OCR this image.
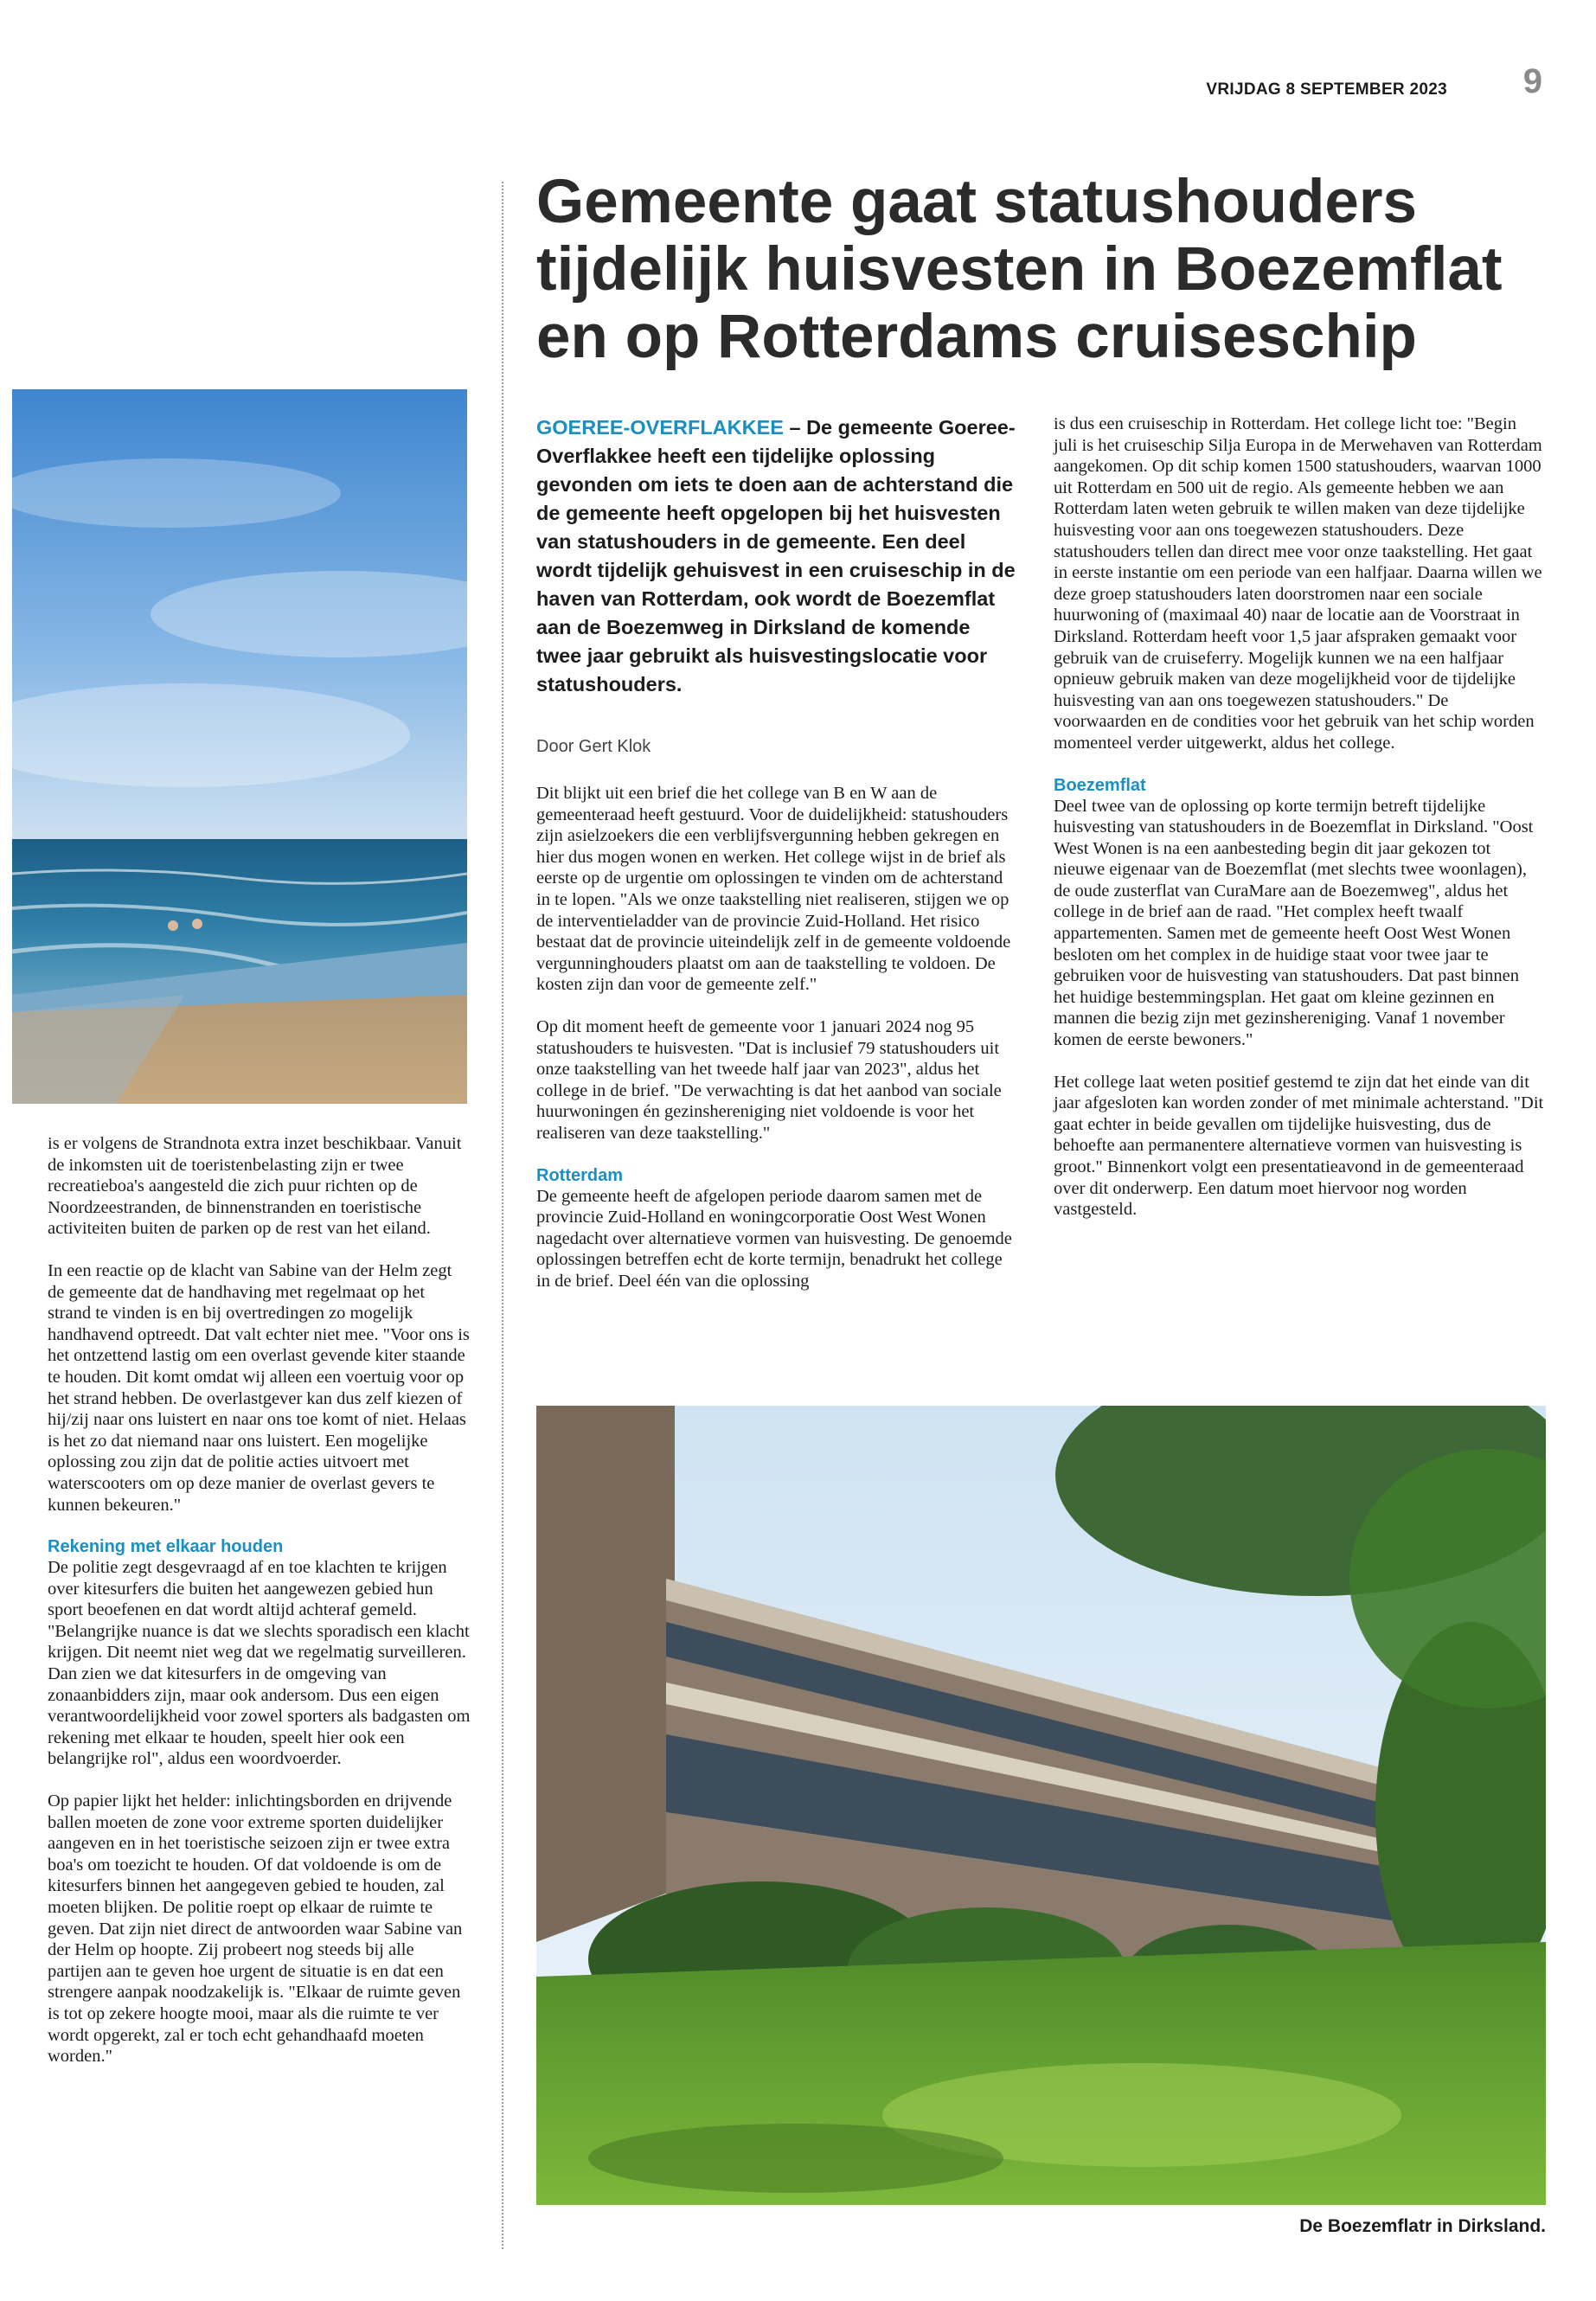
VRIJDAG 8 SEPTEMBER 2023 9
Gemeente gaat statushouders tijdelijk huisvesten in Boezemflat en op Rotterdams cruiseschip
GOEREE-OVERFLAKKEE – De gemeente Goeree-Overflakkee heeft een tijdelijke oplossing gevonden om iets te doen aan de achterstand die de gemeente heeft opgelopen bij het huisvesten van statushouders in de gemeente. Een deel wordt tijdelijk gehuisvest in een cruiseschip in de haven van Rotterdam, ook wordt de Boezemflat aan de Boezemweg in Dirksland de komende twee jaar gebruikt als huisvestingslocatie voor statushouders.
Door Gert Klok

Dit blijkt uit een brief die het college van B en W aan de gemeenteraad heeft gestuurd. Voor de duidelijkheid: statushouders zijn asielzoekers die een verblijfsvergunning hebben gekregen en hier dus mogen wonen en werken. Het college wijst in de brief als eerste op de urgentie om oplossingen te vinden om de achterstand in te lopen. "Als we onze taakstelling niet realiseren, stijgen we op de interventieladder van de provincie Zuid-Holland. Het risico bestaat dat de provincie uiteindelijk zelf in de gemeente voldoende vergunninghouders plaatst om aan de taakstelling te voldoen. De kosten zijn dan voor de gemeente zelf."

Op dit moment heeft de gemeente voor 1 januari 2024 nog 95 statushouders te huisvesten. "Dat is inclusief 79 statushouders uit onze taakstelling van het tweede half jaar van 2023", aldus het college in de brief. "De verwachting is dat het aanbod van sociale huurwoningen én gezinshereniging niet voldoende is voor het realiseren van deze taakstelling."

Rotterdam

De gemeente heeft de afgelopen periode daarom samen met de provincie Zuid-Holland en woningcorporatie Oost West Wonen nagedacht over alternatieve vormen van huisvesting. De genoemde oplossingen betreffen echt de korte termijn, benadrukt het college in de brief. Deel één van die oplossing

is dus een cruiseschip in Rotterdam. Het college licht toe: "Begin juli is het cruiseschip Silja Europa in de Merwehaven van Rotterdam aangekomen. Op dit schip komen 1500 statushouders, waarvan 1000 uit Rotterdam en 500 uit de regio. Als gemeente hebben we aan Rotterdam laten weten gebruik te willen maken van deze tijdelijke huisvesting voor aan ons toegewezen statushouders. Deze statushouders tellen dan direct mee voor onze taakstelling. Het gaat in eerste instantie om een periode van een halfjaar. Daarna willen we deze groep statushouders laten doorstromen naar een sociale huurwoning of (maximaal 40) naar de locatie aan de Voorstraat in Dirksland. Rotterdam heeft voor 1,5 jaar afspraken gemaakt voor gebruik van de cruiseferry. Mogelijk kunnen we na een halfjaar opnieuw gebruik maken van deze mogelijkheid voor de tijdelijke huisvesting van aan ons toegewezen statushouders." De voorwaarden en de condities voor het gebruik van het schip worden momenteel verder uitgewerkt, aldus het college.

Boezemflat

Deel twee van de oplossing op korte termijn betreft tijdelijke huisvesting van statushouders in de Boezemflat in Dirksland. "Oost West Wonen is na een aanbesteding begin dit jaar gekozen tot nieuwe eigenaar van de Boezemflat (met slechts twee woonlagen), de oude zusterflat van CuraMare aan de Boezemweg", aldus het college in de brief aan de raad. "Het complex heeft twaalf appartementen. Samen met de gemeente heeft Oost West Wonen besloten om het complex in de huidige staat voor twee jaar te gebruiken voor de huisvesting van statushouders. Dat past binnen het huidige bestemmingsplan. Het gaat om kleine gezinnen en mannen die bezig zijn met gezinshereniging. Vanaf 1 november komen de eerste bewoners."

Het college laat weten positief gestemd te zijn dat het einde van dit jaar afgesloten kan worden zonder of met minimale achterstand. "Dit gaat echter in beide gevallen om tijdelijke huisvesting, dus de behoefte aan permanentere alternatieve vormen van huisvesting is groot." Binnenkort volgt een presentatieavond in de gemeenteraad over dit onderwerp. Een datum moet hiervoor nog worden vastgesteld.

is er volgens de Strandnota extra inzet beschikbaar. Vanuit de inkomsten uit de toeristenbelasting zijn er twee recreatieboa's aangesteld die zich puur richten op de Noordzeestranden, de binnenstranden en toeristische activiteiten buiten de parken op de rest van het eiland.

In een reactie op de klacht van Sabine van der Helm zegt de gemeente dat de handhaving met regelmaat op het strand te vinden is en bij overtredingen zo mogelijk handhavend optreedt. Dat valt echter niet mee. "Voor ons is het ontzettend lastig om een overlast gevende kiter staande te houden. Dit komt omdat wij alleen een voertuig voor op het strand hebben. De overlastgever kan dus zelf kiezen of hij/zij naar ons luistert en naar ons toe komt of niet. Helaas is het zo dat niemand naar ons luistert. Een mogelijke oplossing zou zijn dat de politie acties uitvoert met waterscooters om op deze manier de overlast gevers te kunnen bekeuren."

Rekening met elkaar houden

De politie zegt desgevraagd af en toe klachten te krijgen over kitesurfers die buiten het aangewezen gebied hun sport beoefenen en dat wordt altijd achteraf gemeld. "Belangrijke nuance is dat we slechts sporadisch een klacht krijgen. Dit neemt niet weg dat we regelmatig surveilleren. Dan zien we dat kitesurfers in de omgeving van zonaanbidders zijn, maar ook andersom. Dus een eigen verantwoordelijkheid voor zowel sporters als badgasten om rekening met elkaar te houden, speelt hier ook een belangrijke rol", aldus een woordvoerder.

Op papier lijkt het helder: inlichtingsborden en drijvende ballen moeten de zone voor extreme sporten duidelijker aangeven en in het toeristische seizoen zijn er twee extra boa's om toezicht te houden. Of dat voldoende is om de kitesurfers binnen het aangegeven gebied te houden, zal moeten blijken. De politie roept op elkaar de ruimte te geven. Dat zijn niet direct de antwoorden waar Sabine van der Helm op hoopte. Zij probeert nog steeds bij alle partijen aan te geven hoe urgent de situatie is en dat een strengere aanpak noodzakelijk is. "Elkaar de ruimte geven is tot op zekere hoogte mooi, maar als die ruimte te ver wordt opgerekt, zal er toch echt gehandhaafd moeten worden."

De Boezemflatr in Dirksland.
